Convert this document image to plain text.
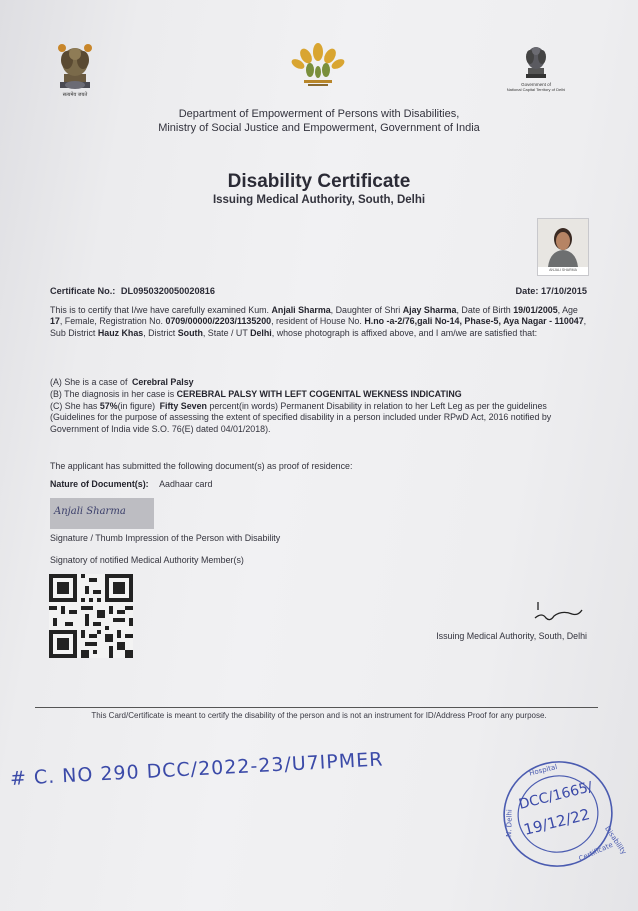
सत्यमेव जयते
Government of
National Capital Territory of Delhi
Department of Empowerment of Persons with Disabilities,
Ministry of Social Justice and Empowerment, Government of India
Disability Certificate
Issuing Medical Authority, South, Delhi
ANJALI SHARMA
Certificate No.: DL0950320050020816	Date: 17/10/2015
This is to certify that I/we have carefully examined Kum. Anjali Sharma, Daughter of Shri Ajay Sharma, Date of Birth 19/01/2005, Age 17, Female, Registration No. 0709/00000/2203/1135200, resident of House No. H.no -a-2/76,gali No-14, Phase-5, Aya Nagar - 110047, Sub District Hauz Khas, District South, State / UT Delhi, whose photograph is affixed above, and I am/we are satisfied that:
(A) She is a case of Cerebral Palsy
(B) The diagnosis in her case is CEREBRAL PALSY WITH LEFT COGENITAL WEKNESS INDICATING
(C) She has 57%(in figure) Fifty Seven percent(in words) Permanent Disability in relation to her Left Leg as per the guidelines (Guidelines for the purpose of assessing the extent of specified disability in a person included under RPwD Act, 2016 notified by Government of India vide S.O. 76(E) dated 04/01/2018).
The applicant has submitted the following document(s) as proof of residence:
Nature of Document(s): Aadhaar card
Anjali Sharma
Signature / Thumb Impression of the Person with Disability
Signatory of notified Medical Authority Member(s)
Issuing Medical Authority, South, Delhi
This Card/Certificate is meant to certify the disability of the person and is not an instrument for ID/Address Proof for any purpose.
# C. NO 290 DCC/2022-23/U7IPMER	Hospital
Certificate
N. Delhi
Disability
DCC/1665/
19/12/22
